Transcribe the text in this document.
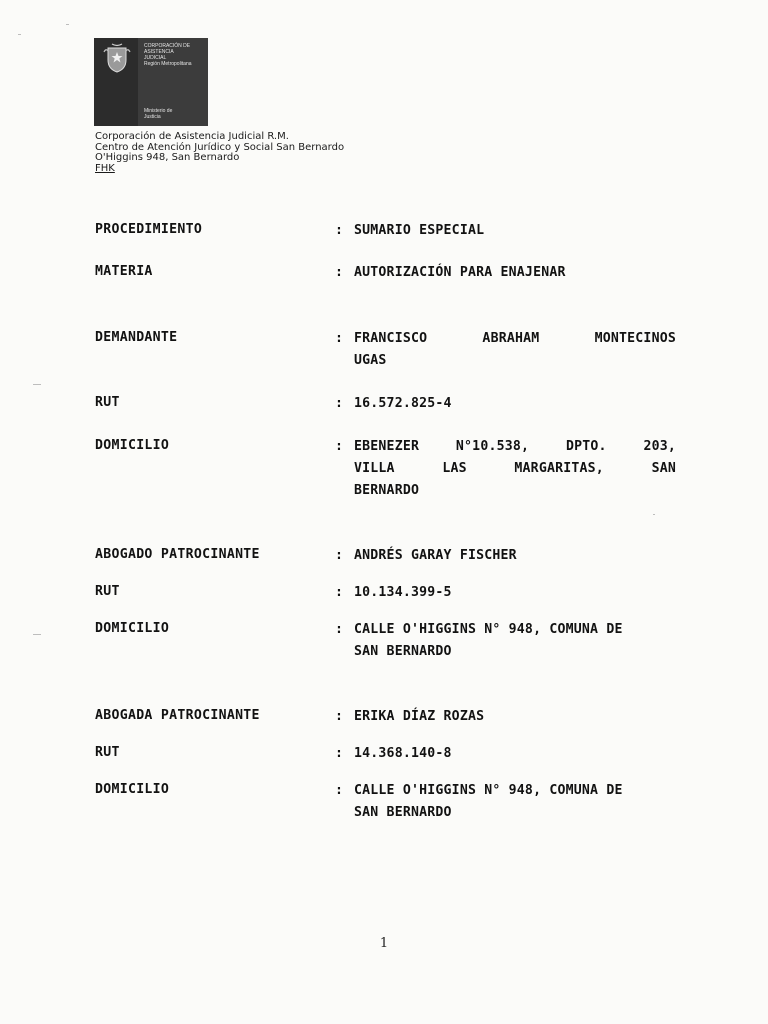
CORPORACIÓN DE
ASISTENCIA
JUDICIAL
Región Metropolitana
Ministerio de
Justicia
Corporación de Asistencia Judicial R.M.
Centro de Atención Jurídico y Social San Bernardo
O'Higgins 948, San Bernardo
FHK
PROCEDIMIENTO	: SUMARIO ESPECIAL
MATERIA	: AUTORIZACIÓN PARA ENAJENAR
DEMANDANTE	: FRANCISCO ABRAHAM MONTECINOS
UGAS
RUT	: 16.572.825-4
DOMICILIO	: EBENEZER N°10.538, DPTO. 203,
VILLA LAS MARGARITAS, SAN
BERNARDO
ABOGADO PATROCINANTE	: ANDRÉS GARAY FISCHER
RUT	: 10.134.399-5
DOMICILIO	: CALLE O'HIGGINS N° 948, COMUNA DE
SAN BERNARDO
ABOGADA PATROCINANTE	: ERIKA DÍAZ ROZAS
RUT	: 14.368.140-8
DOMICILIO	: CALLE O'HIGGINS N° 948, COMUNA DE
SAN BERNARDO
1
